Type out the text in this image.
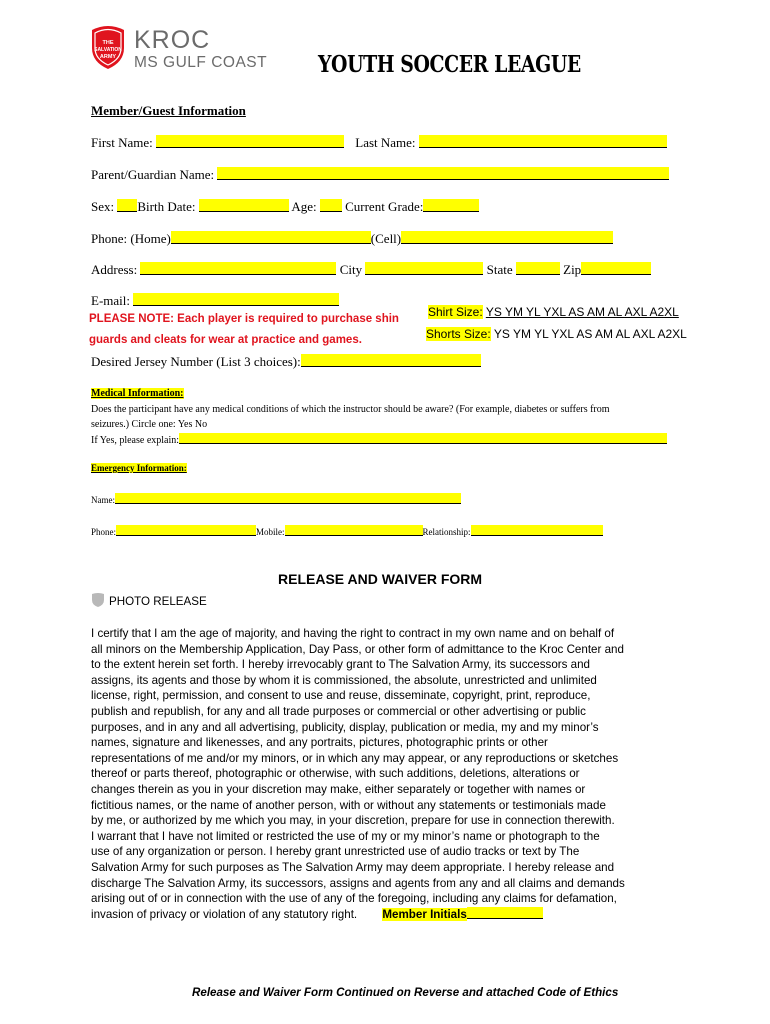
THE
SALVATION
ARMY
KROC
MS GULF COAST YOUTH SOCCER LEAGUE
Member/Guest Information
First Name:	Last Name:
Parent/Guardian Name:
Sex: Birth Date:	Age: Current Grade:
Phone: (Home)	(Cell)
Address:	City	State	Zip
E-mail:
PLEASE NOTE: Each player is required to purchase shin
guards and cleats for wear at practice and games.
Shirt Size: YS YM YL YXL AS AM AL AXL A2XL
Shorts Size: YS YM YL YXL AS AM AL AXL A2XL
Desired Jersey Number (List 3 choices):
Medical Information:
Does the participant have any medical conditions of which the instructor should be aware? (For example, diabetes or suffers from
seizures.) Circle one: Yes No
If Yes, please explain:
Emergency Information:
Name:
Phone:	Mobile:	Relationship:
RELEASE AND WAIVER FORM
PHOTO RELEASE
I certify that I am the age of majority, and having the right to contract in my own name and on behalf of
all minors on the Membership Application, Day Pass, or other form of admittance to the Kroc Center and
to the extent herein set forth. I hereby irrevocably grant to The Salvation Army, its successors and
assigns, its agents and those by whom it is commissioned, the absolute, unrestricted and unlimited
license, right, permission, and consent to use and reuse, disseminate, copyright, print, reproduce,
publish and republish, for any and all trade purposes or commercial or other advertising or public
purposes, and in any and all advertising, publicity, display, publication or media, my and my minor’s
names, signature and likenesses, and any portraits, pictures, photographic prints or other
representations of me and/or my minors, or in which any may appear, or any reproductions or sketches
thereof or parts thereof, photographic or otherwise, with such additions, deletions, alterations or
changes therein as you in your discretion may make, either separately or together with names or
fictitious names, or the name of another person, with or without any statements or testimonials made
by me, or authorized by me which you may, in your discretion, prepare for use in connection therewith.
I warrant that I have not limited or restricted the use of my or my minor’s name or photograph to the
use of any organization or person. I hereby grant unrestricted use of audio tracks or text by The
Salvation Army for such purposes as The Salvation Army may deem appropriate. I hereby release and
discharge The Salvation Army, its successors, assigns and agents from any and all claims and demands
arising out of or in connection with the use of any of the foregoing, including any claims for defamation,
invasion of privacy or violation of any statutory right. Member Initials
Release and Waiver Form Continued on Reverse and attached Code of Ethics
